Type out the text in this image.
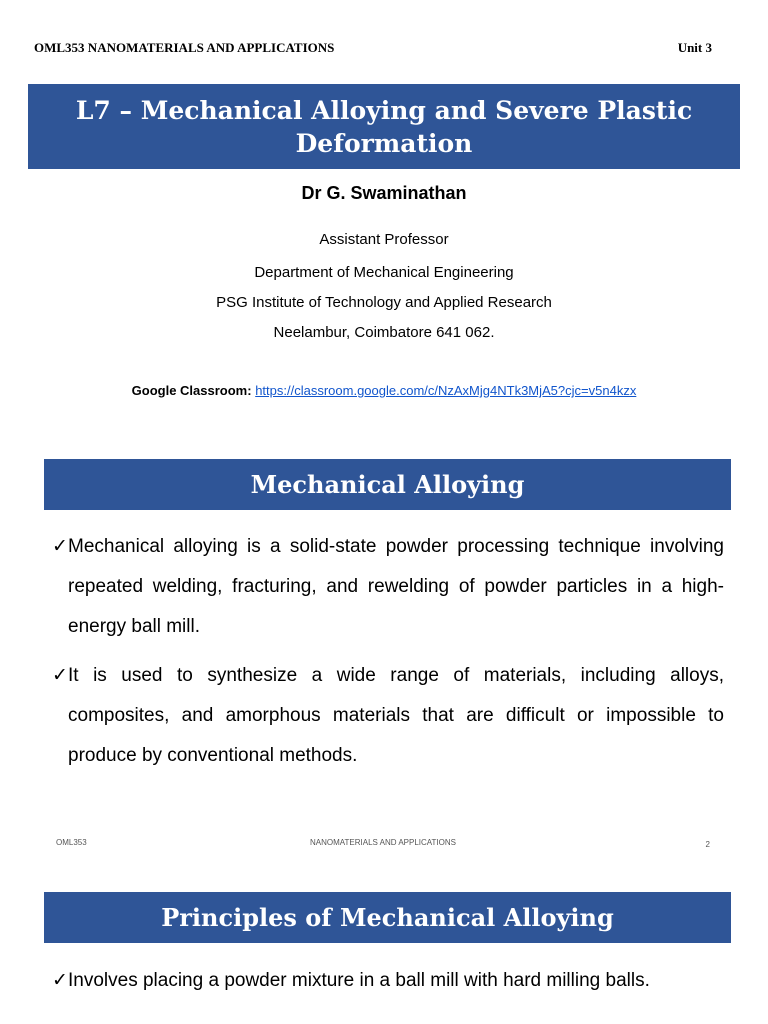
OML353 NANOMATERIALS AND APPLICATIONS	Unit 3
L7 – Mechanical Alloying and Severe Plastic Deformation
Dr G. Swaminathan
Assistant Professor
Department of Mechanical Engineering
PSG Institute of Technology and Applied Research
Neelambur, Coimbatore 641 062.
Google Classroom: https://classroom.google.com/c/NzAxMjg4NTk3MjA5?cjc=v5n4kzx
Mechanical Alloying
✓ Mechanical alloying is a solid-state powder processing technique involving repeated welding, fracturing, and rewelding of powder particles in a high-energy ball mill.
✓ It is used to synthesize a wide range of materials, including alloys, composites, and amorphous materials that are difficult or impossible to produce by conventional methods.
OML353	NANOMATERIALS AND APPLICATIONS	2
Principles of Mechanical Alloying
✓ Involves placing a powder mixture in a ball mill with hard milling balls.
